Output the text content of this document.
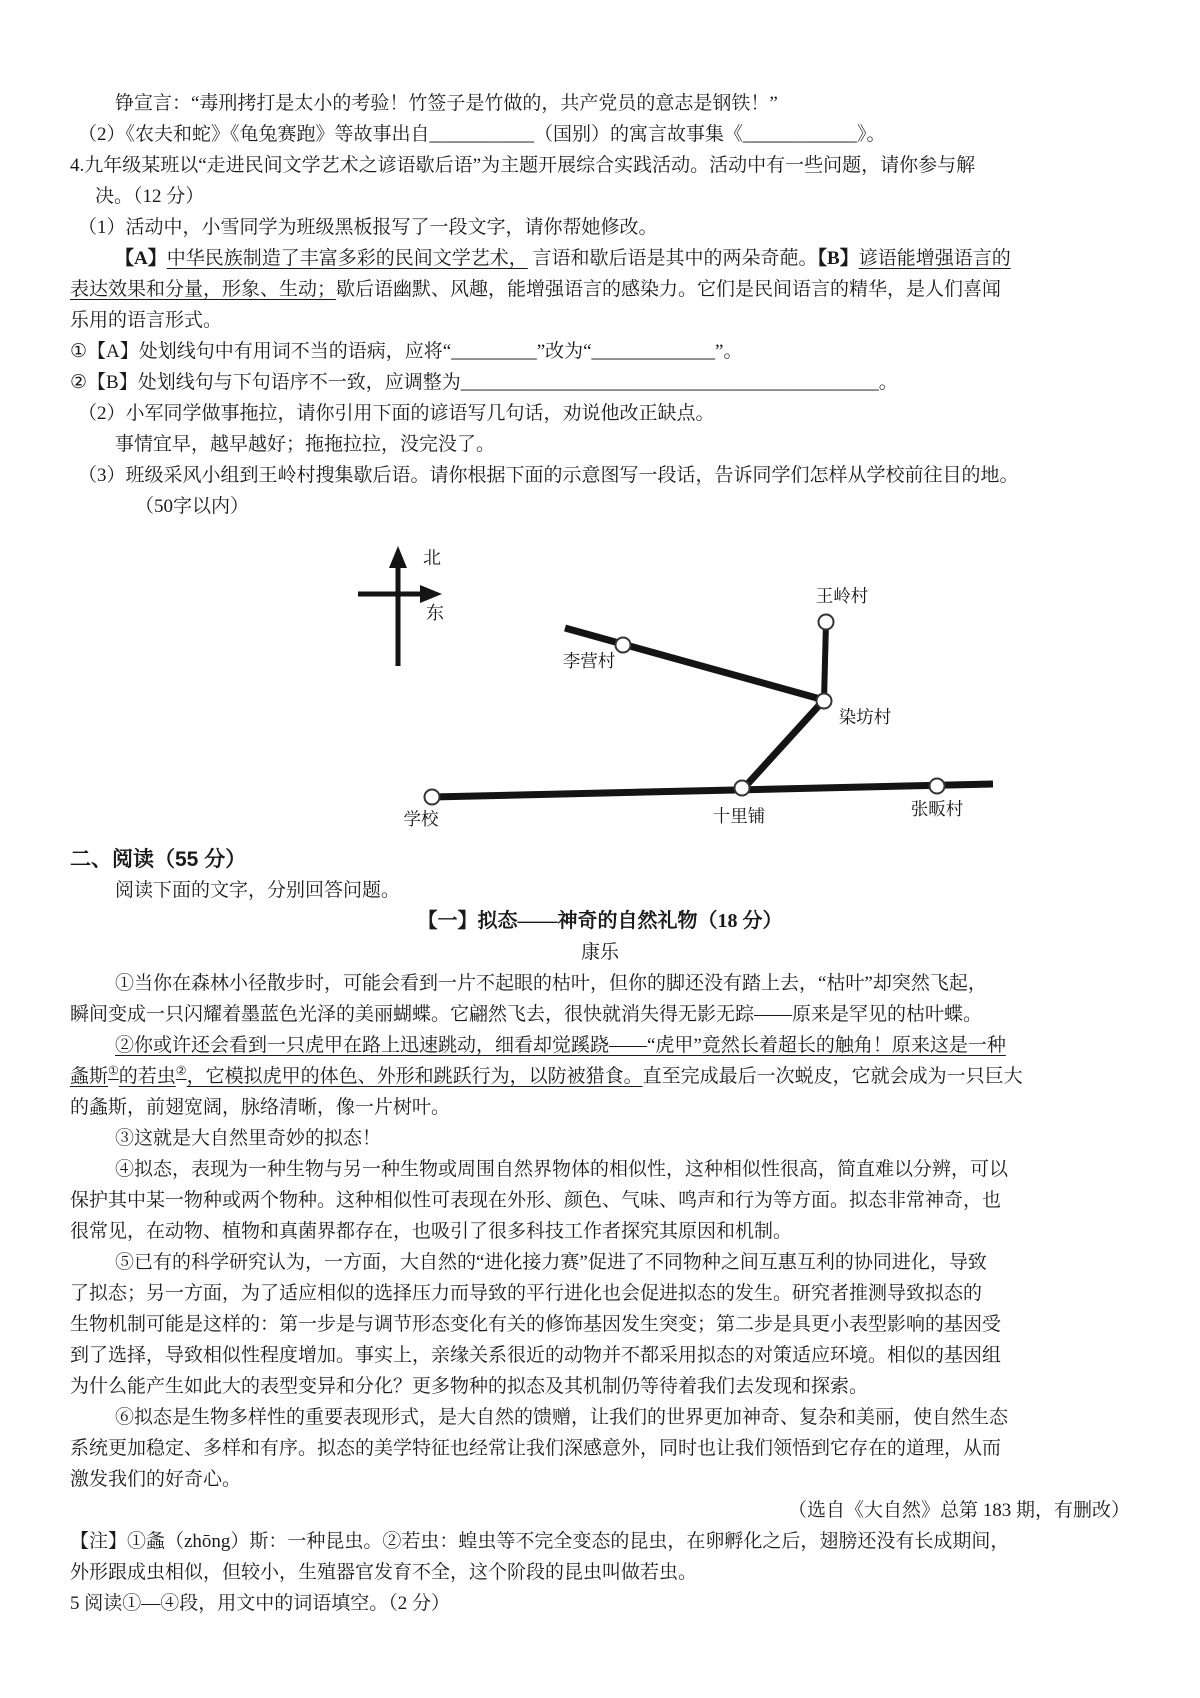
铮宣言：“毒刑拷打是太小的考验！竹签子是竹做的，共产党员的意志是钢铁！”
（2）《农夫和蛇》《龟兔赛跑》等故事出自___________（国别）的寓言故事集《____________》。
4.九年级某班以“走进民间文学艺术之谚语歇后语”为主题开展综合实践活动。活动中有一些问题，请你参与解
决。（12 分）
（1）活动中，小雪同学为班级黑板报写了一段文字，请你帮她修改。
【A】中华民族制造了丰富多彩的民间文学艺术， 言语和歇后语是其中的两朵奇葩。【B】谚语能增强语言的
表达效果和分量，形象、生动；歇后语幽默、风趣，能增强语言的感染力。它们是民间语言的精华，是人们喜闻
乐用的语言形式。
①【A】处划线句中有用词不当的语病，应将“_________”改为“_____________”。
②【B】处划线句与下句语序不一致，应调整为____________________________________________。
（2）小军同学做事拖拉，请你引用下面的谚语写几句话，劝说他改正缺点。
事情宜早，越早越好；拖拖拉拉，没完没了。
（3）班级采风小组到王岭村搜集歇后语。请你根据下面的示意图写一段话，告诉同学们怎样从学校前往目的地。
（50字以内）
北
东
王岭村
李营村
染坊村
学校	十里铺	张畈村
二、阅读（55 分）
阅读下面的文字，分别回答问题。
【一】拟态——神奇的自然礼物（18 分）
康乐
①当你在森林小径散步时，可能会看到一片不起眼的枯叶，但你的脚还没有踏上去，“枯叶”却突然飞起，
瞬间变成一只闪耀着墨蓝色光泽的美丽蝴蝶。它翩然飞去，很快就消失得无影无踪——原来是罕见的枯叶蝶。
②你或许还会看到一只虎甲在路上迅速跳动，细看却觉蹊跷——“虎甲”竟然长着超长的触角！原来这是一种
螽斯①的若虫②，它模拟虎甲的体色、外形和跳跃行为，以防被猎食。直至完成最后一次蜕皮，它就会成为一只巨大
的螽斯，前翅宽阔，脉络清晰，像一片树叶。
③这就是大自然里奇妙的拟态！
④拟态，表现为一种生物与另一种生物或周围自然界物体的相似性，这种相似性很高，简直难以分辨，可以
保护其中某一物种或两个物种。这种相似性可表现在外形、颜色、气味、鸣声和行为等方面。拟态非常神奇，也
很常见，在动物、植物和真菌界都存在，也吸引了很多科技工作者探究其原因和机制。
⑤已有的科学研究认为，一方面，大自然的“进化接力赛”促进了不同物种之间互惠互利的协同进化，导致
了拟态；另一方面，为了适应相似的选择压力而导致的平行进化也会促进拟态的发生。研究者推测导致拟态的
生物机制可能是这样的：第一步是与调节形态变化有关的修饰基因发生突变；第二步是具更小表型影响的基因受
到了选择，导致相似性程度增加。事实上，亲缘关系很近的动物并不都采用拟态的对策适应环境。相似的基因组
为什么能产生如此大的表型变异和分化？更多物种的拟态及其机制仍等待着我们去发现和探索。
⑥拟态是生物多样性的重要表现形式，是大自然的馈赠，让我们的世界更加神奇、复杂和美丽，使自然生态
系统更加稳定、多样和有序。拟态的美学特征也经常让我们深感意外，同时也让我们领悟到它存在的道理，从而
激发我们的好奇心。
（选自《大自然》总第 183 期，有删改）
【注】①螽（zhōng）斯：一种昆虫。②若虫：蝗虫等不完全变态的昆虫，在卵孵化之后，翅膀还没有长成期间，
外形跟成虫相似，但较小，生殖器官发育不全，这个阶段的昆虫叫做若虫。
5 阅读①—④段，用文中的词语填空。（2 分）
